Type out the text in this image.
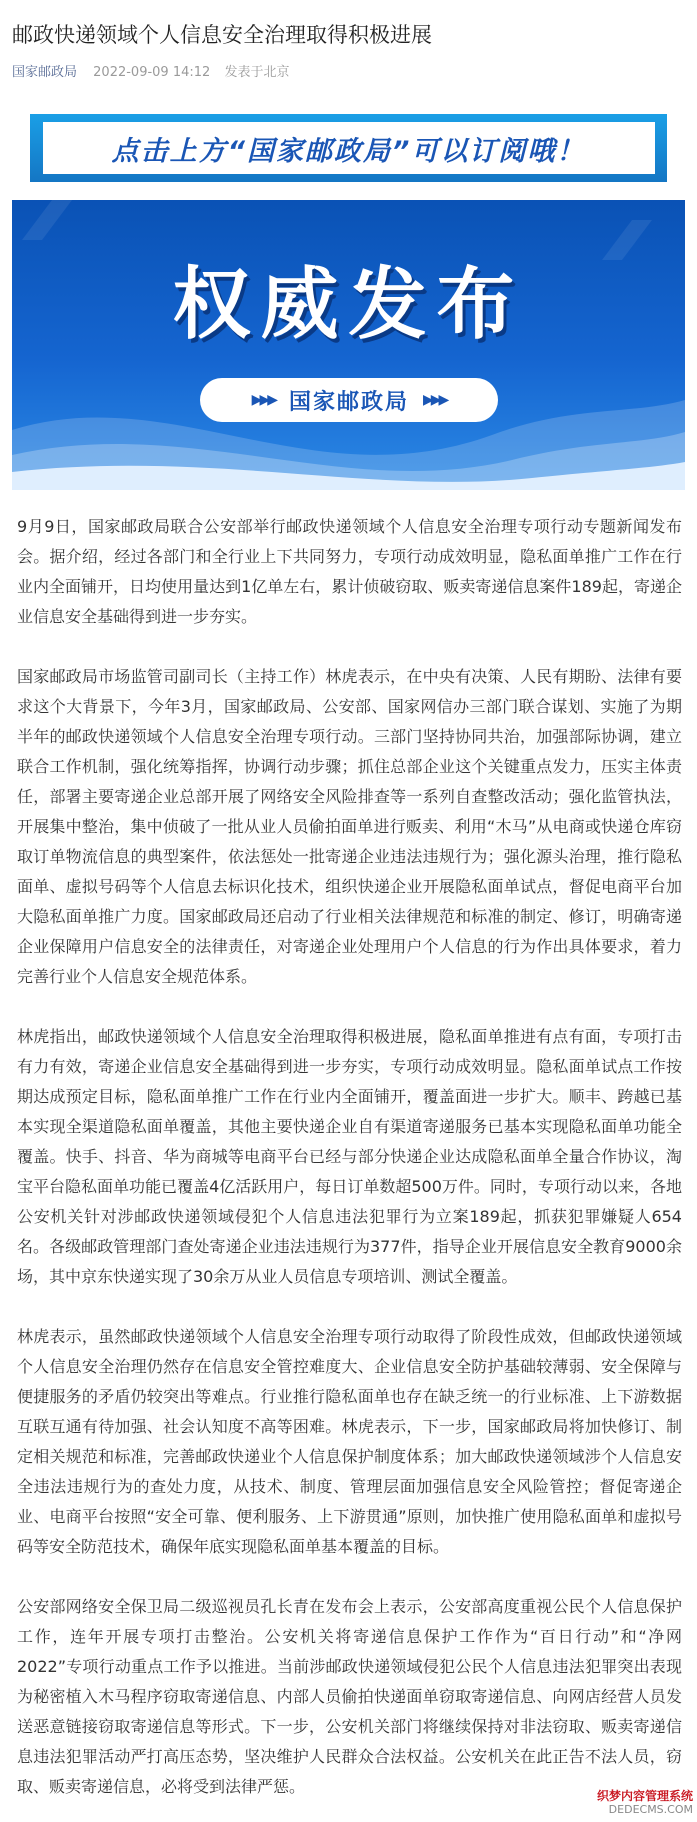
邮政快递领域个人信息安全治理取得积极进展
国家邮政局 2022-09-09 14:12 发表于北京
点击上方“国家邮政局”可以订阅哦！
权威发布
▶▶▶ 国家邮政局 ▶▶▶

9月9日，国家邮政局联合公安部举行邮政快递领域个人信息安全治理专项行动专题新闻发布会。据介绍，经过各部门和全行业上下共同努力，专项行动成效明显，隐私面单推广工作在行业内全面铺开，日均使用量达到1亿单左右，累计侦破窃取、贩卖寄递信息案件189起，寄递企业信息安全基础得到进一步夯实。

国家邮政局市场监管司副司长（主持工作）林虎表示，在中央有决策、人民有期盼、法律有要求这个大背景下，今年3月，国家邮政局、公安部、国家网信办三部门联合谋划、实施了为期半年的邮政快递领域个人信息安全治理专项行动。三部门坚持协同共治，加强部际协调，建立联合工作机制，强化统筹指挥，协调行动步骤；抓住总部企业这个关键重点发力，压实主体责任，部署主要寄递企业总部开展了网络安全风险排查等一系列自查整改活动；强化监管执法，开展集中整治，集中侦破了一批从业人员偷拍面单进行贩卖、利用“木马”从电商或快递仓库窃取订单物流信息的典型案件，依法惩处一批寄递企业违法违规行为；强化源头治理，推行隐私面单、虚拟号码等个人信息去标识化技术，组织快递企业开展隐私面单试点，督促电商平台加大隐私面单推广力度。国家邮政局还启动了行业相关法律规范和标准的制定、修订，明确寄递企业保障用户信息安全的法律责任，对寄递企业处理用户个人信息的行为作出具体要求，着力完善行业个人信息安全规范体系。

林虎指出，邮政快递领域个人信息安全治理取得积极进展，隐私面单推进有点有面，专项打击有力有效，寄递企业信息安全基础得到进一步夯实，专项行动成效明显。隐私面单试点工作按期达成预定目标，隐私面单推广工作在行业内全面铺开，覆盖面进一步扩大。顺丰、跨越已基本实现全渠道隐私面单覆盖，其他主要快递企业自有渠道寄递服务已基本实现隐私面单功能全覆盖。快手、抖音、华为商城等电商平台已经与部分快递企业达成隐私面单全量合作协议，淘宝平台隐私面单功能已覆盖4亿活跃用户，每日订单数超500万件。同时，专项行动以来，各地公安机关针对涉邮政快递领域侵犯个人信息违法犯罪行为立案189起，抓获犯罪嫌疑人654名。各级邮政管理部门查处寄递企业违法违规行为377件，指导企业开展信息安全教育9000余场，其中京东快递实现了30余万从业人员信息专项培训、测试全覆盖。

林虎表示，虽然邮政快递领域个人信息安全治理专项行动取得了阶段性成效，但邮政快递领域个人信息安全治理仍然存在信息安全管控难度大、企业信息安全防护基础较薄弱、安全保障与便捷服务的矛盾仍较突出等难点。行业推行隐私面单也存在缺乏统一的行业标准、上下游数据互联互通有待加强、社会认知度不高等困难。林虎表示，下一步，国家邮政局将加快修订、制定相关规范和标准，完善邮政快递业个人信息保护制度体系；加大邮政快递领域涉个人信息安全违法违规行为的查处力度，从技术、制度、管理层面加强信息安全风险管控；督促寄递企业、电商平台按照“安全可靠、便利服务、上下游贯通”原则，加快推广使用隐私面单和虚拟号码等安全防范技术，确保年底实现隐私面单基本覆盖的目标。

公安部网络安全保卫局二级巡视员孔长青在发布会上表示，公安部高度重视公民个人信息保护工作，连年开展专项打击整治。公安机关将寄递信息保护工作作为“百日行动”和“净网2022”专项行动重点工作予以推进。当前涉邮政快递领域侵犯公民个人信息违法犯罪突出表现为秘密植入木马程序窃取寄递信息、内部人员偷拍快递面单窃取寄递信息、向网店经营人员发送恶意链接窃取寄递信息等形式。下一步，公安机关部门将继续保持对非法窃取、贩卖寄递信息违法犯罪活动严打高压态势，坚决维护人民群众合法权益。公安机关在此正告不法人员，窃取、贩卖寄递信息，必将受到法律严惩。	织梦内容管理系统
DEDECMS.COM
